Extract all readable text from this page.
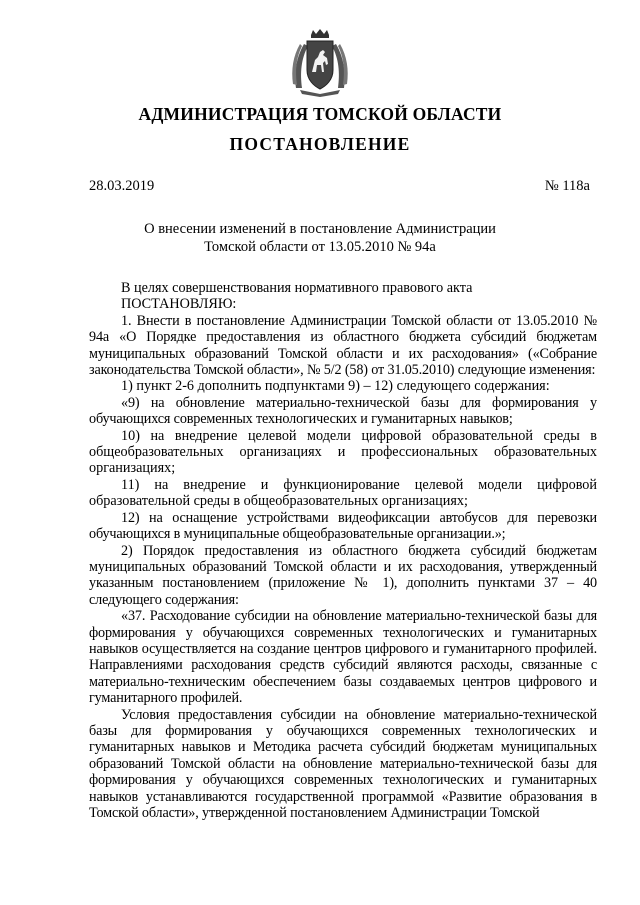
АДМИНИСТРАЦИЯ ТОМСКОЙ ОБЛАСТИ
ПОСТАНОВЛЕНИЕ
28.03.2019	№ 118а
О внесении изменений в постановление Администрации
Томской области от 13.05.2010 № 94а

В целях совершенствования нормативного правового акта

ПОСТАНОВЛЯЮ:

1. Внести в постановление Администрации Томской области от 13.05.2010 № 94а «О Порядке предоставления из областного бюджета субсидий бюджетам муниципальных образований Томской области и их расходования» («Собрание законодательства Томской области», № 5/2 (58) от 31.05.2010) следующие изменения:

1) пункт 2-6 дополнить подпунктами 9) – 12) следующего содержания:

«9) на обновление материально-технической базы для формирования у обучающихся современных технологических и гуманитарных навыков;

10) на внедрение целевой модели цифровой образовательной среды в общеобразовательных организациях и профессиональных образовательных организациях;

11) на внедрение и функционирование целевой модели цифровой образовательной среды в общеобразовательных организациях;

12) на оснащение устройствами видеофиксации автобусов для перевозки обучающихся в муниципальные общеобразовательные организации.»;

2) Порядок предоставления из областного бюджета субсидий бюджетам муниципальных образований Томской области и их расходования, утвержденный указанным постановлением (приложение № 1), дополнить пунктами 37 – 40 следующего содержания:

«37. Расходование субсидии на обновление материально-технической базы для формирования у обучающихся современных технологических и гуманитарных навыков осуществляется на создание центров цифрового и гуманитарного профилей. Направлениями расходования средств субсидий являются расходы, связанные с материально-техническим обеспечением базы создаваемых центров цифрового и гуманитарного профилей.

Условия предоставления субсидии на обновление материально-технической базы для формирования у обучающихся современных технологических и гуманитарных навыков и Методика расчета субсидий бюджетам муниципальных образований Томской области на обновление материально-технической базы для формирования у обучающихся современных технологических и гуманитарных навыков устанавливаются государственной программой «Развитие образования в Томской области», утвержденной постановлением Администрации Томской
